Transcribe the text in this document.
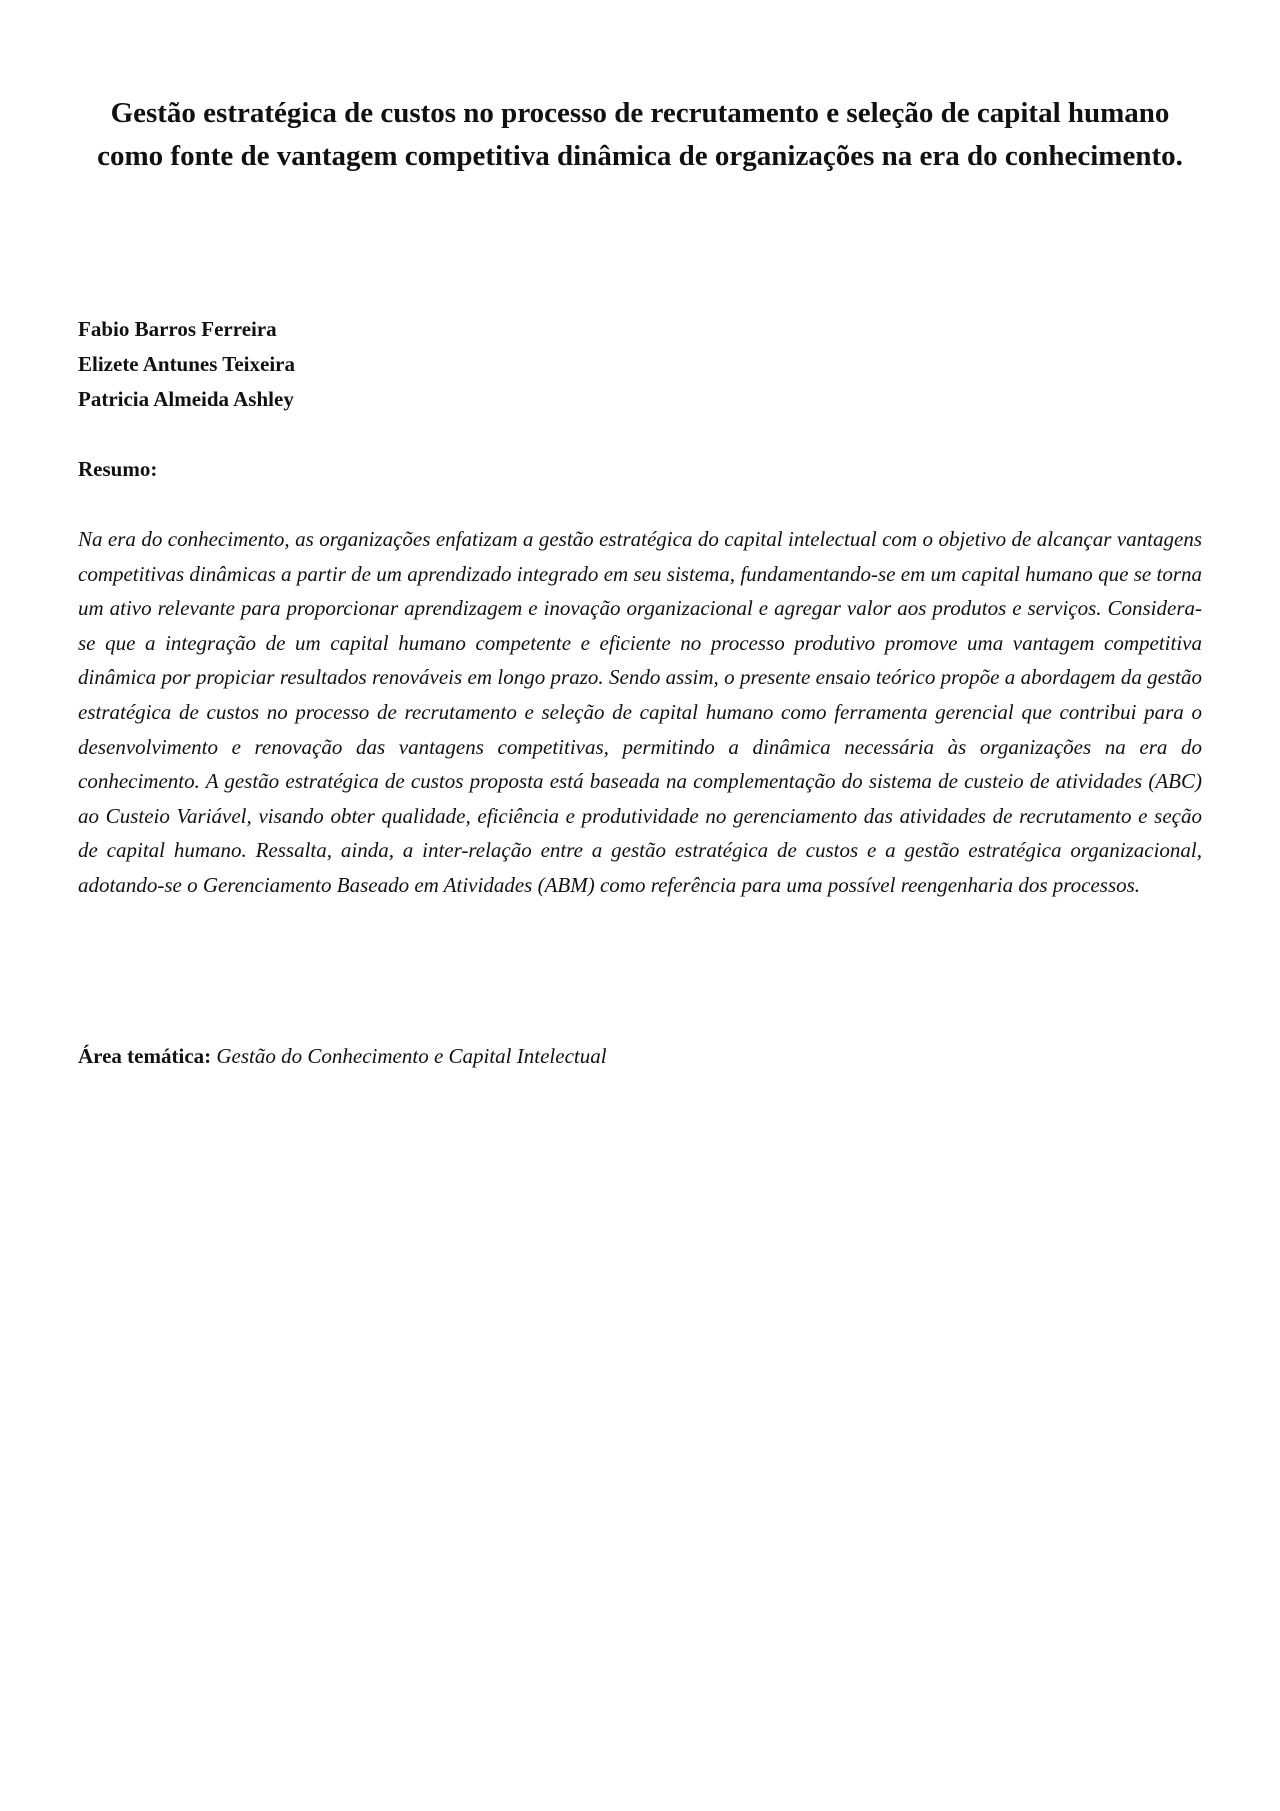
Gestão estratégica de custos no processo de recrutamento e seleção de capital humano como fonte de vantagem competitiva dinâmica de organizações na era do conhecimento.
Fabio Barros Ferreira
Elizete Antunes Teixeira
Patricia Almeida Ashley
Resumo:

Na era do conhecimento, as organizações enfatizam a gestão estratégica do capital intelectual com o objetivo de alcançar vantagens competitivas dinâmicas a partir de um aprendizado integrado em seu sistema, fundamentando-se em um capital humano que se torna um ativo relevante para proporcionar aprendizagem e inovação organizacional e agregar valor aos produtos e serviços. Considera-se que a integração de um capital humano competente e eficiente no processo produtivo promove uma vantagem competitiva dinâmica por propiciar resultados renováveis em longo prazo. Sendo assim, o presente ensaio teórico propõe a abordagem da gestão estratégica de custos no processo de recrutamento e seleção de capital humano como ferramenta gerencial que contribui para o desenvolvimento e renovação das vantagens competitivas, permitindo a dinâmica necessária às organizações na era do conhecimento. A gestão estratégica de custos proposta está baseada na complementação do sistema de custeio de atividades (ABC) ao Custeio Variável, visando obter qualidade, eficiência e produtividade no gerenciamento das atividades de recrutamento e seção de capital humano. Ressalta, ainda, a inter-relação entre a gestão estratégica de custos e a gestão estratégica organizacional, adotando-se o Gerenciamento Baseado em Atividades (ABM) como referência para uma possível reengenharia dos processos.

Área temática: Gestão do Conhecimento e Capital Intelectual
